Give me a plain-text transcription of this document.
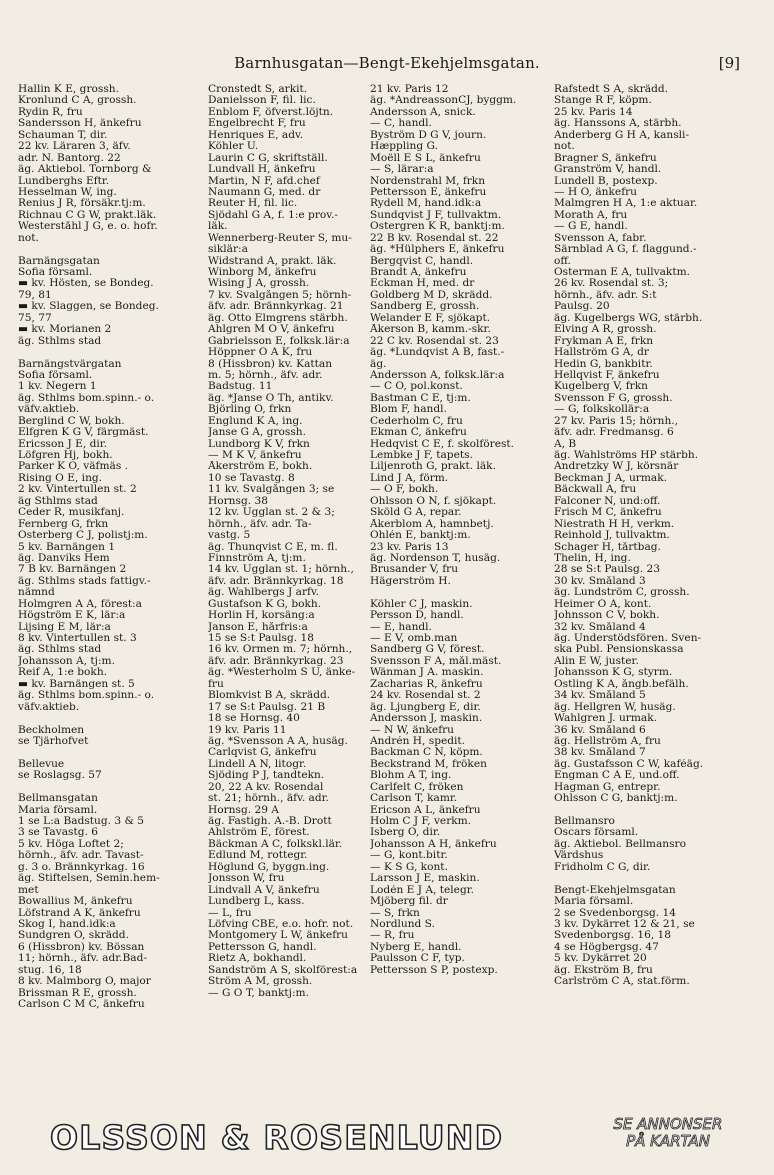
Barnhusgatan—Bengt-Ekehjelmsgatan.	[9]
Hallin K E, grossh.
Kronlund C A, grossh.
Rydin R, fru
Sandersson H, änkefru
Schauman T, dir.
22 kv. Läraren 3, äfv.
adr. N. Bantorg. 22
äg. Aktiebol. Tornborg &
Lundberghs Eftr.
Hesselman W, ing.
Renius J R, försäkr.tj:m.
Richnau C G W, prakt.läk.
Westerståhl J G, e. o. hofr.
not.
Barnängsgatan
Sofia församl.
▬ kv. Hösten, se Bondeg.
79, 81
▬ kv. Slaggen, se Bondeg.
75, 77
▬ kv. Morianen 2
äg. Sthlms stad
Barnängstvärgatan
Sofia församl.
1 kv. Negern 1
äg. Sthlms bom.spinn.- o.
väfv.aktieb.
Berglind C W, bokh.
Elfgren K G V, färgmäst.
Ericsson J E, dir.
Löfgren Hj, bokh.
Parker K O, väfmäs .
Rising O E, ing.
2 kv. Vintertullen st. 2
äg Sthlms stad
Ceder R, musikfanj.
Fernberg G, frkn
Österberg C J, polistj:m.
5 kv. Barnängen 1
äg. Danviks Hem
7 B kv. Barnängen 2
äg. Sthlms stads fattigv.-
nämnd
Holmgren A A, förest:a
Högström E K, lär:a
Lijsing E M, lär:a
8 kv. Vintertullen st. 3
äg. Sthlms stad
Johansson A, tj:m.
Reif A, 1:e bokh.
▬ kv. Barnängen st. 5
äg. Sthlms bom.spinn.- o.
väfv.aktieb.
Beckholmen
se Tjärhofvet
Bellevue
se Roslagsg. 57
Bellmansgatan
Maria församl.
1 se L:a Badstug. 3 & 5
3 se Tavastg. 6
5 kv. Höga Loftet 2;
hörnh., äfv. adr. Tavast-
g. 3 o. Brännkyrkag. 16
äg. Stiftelsen, Semin.hem-
met
Bowallius M, änkefru
Löfstrand A K, änkefru
Skog I, hand.idk:a
Sundgren O, skrädd.
6 (Hissbron) kv. Bössan
11; hörnh., äfv. adr.Bad-
stug. 16, 18
8 kv. Malmborg O, major
Brissman R E, grossh.
Carlson C M C, änkefru
Cronstedt S, arkit.
Danielsson F, fil. lic.
Enblom F, öfverst.löjtn.
Engelbrecht F, fru
Henriques E, adv.
Köhler U.
Laurin C G, skriftställ.
Lundvall H, änkefru
Martin, N F, afd.chef
Naumann G, med. dr
Reuter H, fil. lic.
Sjödahl G A, f. 1:e prov.-
läk.
Wennerberg-Reuter S, mu-
siklär:a
Widstrand A, prakt. läk.
Winborg M, änkefru
Wising J A, grossh.
7 kv. Svalgången 5; hörnh-
äfv. adr. Brännkyrkag. 21
äg. Otto Elmgrens stärbh.
Ahlgren M O V, änkefru
Gabrielsson E, folksk.lär:a
Höppner O A K, fru
8 (Hissbron) kv. Kattan
m. 5; hörnh., äfv. adr.
Badstug. 11
äg. *Janse O Th, antikv.
Björling O, frkn
Englund K A, ing.
Janse G A, grossh.
Lundborg K V, frkn
— M K V, änkefru
Åkerström E, bokh.
10 se Tavastg. 8
11 kv. Svalgången 3; se
Hornsg. 38
12 kv. Ugglan st. 2 & 3;
hörnh., äfv. adr. Ta-
vastg. 5
äg. Thunqvist C E, m. fl.
Finnström A, tj:m.
14 kv. Ugglan st. 1; hörnh.,
äfv. adr. Brännkyrkag. 18
äg. Wahlbergs J arfv.
Gustafson K G, bokh.
Horlin H, korsäng:a
Janson E, hårfris:a
15 se S:t Paulsg. 18
16 kv. Ormen m. 7; hörnh.,
äfv. adr. Brännkyrkag. 23
äg. *Westerholm S U, änke-
fru
Blomkvist B A, skrädd.
17 se S:t Paulsg. 21 B
18 se Hornsg. 40
19 kv. Paris 11
äg. *Svensson A A, husäg.
Carlqvist G, änkefru
Lindell A N, litogr.
Sjöding P J, tandtekn.
20, 22 A kv. Rosendal
st. 21; hörnh., äfv. adr.
Hornsg. 29 A
äg. Fastigh. A.-B. Drott
Ahlström E, förest.
Bäckman A C, folkskl.lär.
Edlund M, rottegr.
Höglund G, byggn.ing.
Jonsson W, fru
Lindvall A V, änkefru
Lundberg L, kass.
— L, fru
Löfving CBE, e.o. hofr. not.
Montgomery L W, änkefru
Pettersson G, handl.
Rietz A, bokhandl.
Sandström A S, skolförest:a
Ström A M, grossh.
— G O T, banktj:m.
21 kv. Paris 12
äg. *AndreassonCJ, byggm.
Andersson A, snick.
— C, handl.
Byström D G V, journ.
Hæppling G.
Moëll E S L, änkefru
— S, lärar:a
Nordenstrahl M, frkn
Pettersson E, änkefru
Rydell M, hand.idk:a
Sundqvist J F, tullvaktm.
Östergren K R, banktj:m.
22 B kv. Rosendal st. 22
äg. *Hülphers E, änkefru
Bergqvist C, handl.
Brandt A, änkefru
Eckman H, med. dr
Goldberg M D, skrädd.
Sandberg E, grossh.
Welander E F, sjökapt.
Åkerson B, kamm.-skr.
22 C kv. Rosendal st. 23
äg. *Lundqvist A B, fast.-
äg.
Andersson A, folksk.lär:a
— C O, pol.konst.
Bastman C E, tj:m.
Blom F, handl.
Cederholm C, fru
Ekman C, änkefru
Hedqvist C E, f. skolförest.
Lembke J F, tapets.
Liljenroth G, prakt. läk.
Lind J A, förm.
— O F, bokh.
Ohlsson O N, f. sjökapt.
Sköld G A, repar.
Åkerblom A, hamnbetj.
Öhlén E, banktj:m.
23 kv. Paris 13
äg. Nordenson T, husäg.
Brusander V, fru
Hägerström H.
Köhler C J, maskin.
Persson D, handl.
— E, handl.
— E V, omb.man
Sandberg G V, förest.
Svensson F A, mål.mäst.
Wänman J A. maskin.
Zacharias R, änkefru
24 kv. Rosendal st. 2
äg. Ljungberg E, dir.
Andersson J, maskin.
— N W, änkefru
Andrén H, spedit.
Backman C N, köpm.
Beckstrand M, fröken
Blohm A T, ing.
Carlfelt C, fröken
Carlson T, kamr.
Ericson A L, änkefru
Holm C J F, verkm.
Isberg O, dir.
Johansson A H, änkefru
— G, kont.bitr.
— K S G, kont.
Larsson J E, maskin.
Lodén E J A, telegr.
Mjöberg fil. dr
— S, frkn
Nordlund S.
— R, fru
Nyberg E, handl.
Paulsson C F, typ.
Pettersson S P, postexp.
Rafstedt S A, skrädd.
Stange R F, köpm.
25 kv. Paris 14
äg. Hanssons A, stärbh.
Anderberg G H A, kansli-
not.
Bragner S, änkefru
Granström V, handl.
Lundell B, postexp.
— H O, änkefru
Malmgren H A, 1:e aktuar.
Morath A, fru
— G E, handl.
Svensson A, fabr.
Särnblad A G, f. flaggund.-
off.
Österman E A, tullvaktm.
26 kv. Rosendal st. 3;
hörnh., äfv. adr. S:t
Paulsg. 20
äg. Kugelbergs WG, stärbh.
Elving A R, grossh.
Frykman A E, frkn
Hallström G A, dr
Hedin G, bankbitr.
Hellqvist F, änkefru
Kugelberg V, frkn
Svensson F G, grossh.
— G, folkskollär:a
27 kv. Paris 15; hörnh.,
äfv. adr. Fredmansg. 6
A, B
äg. Wahlströms HP stärbh.
Andretzky W J, körsnär
Beckman J A, urmak.
Bäckwall A, fru
Falconer N, und:off.
Frisch M C, änkefru
Niestrath H H, verkm.
Reinhold J, tullvaktm.
Schager H, tårtbag.
Thelin, H, ing.
28 se S:t Paulsg. 23
30 kv. Småland 3
äg. Lundström C, grossh.
Heimer O A, kont.
Johnsson C V, bokh.
32 kv. Småland 4
äg. Understödsfören. Sven-
ska Publ. Pensionskassa
Alin E W, juster.
Johansson K G, styrm.
Östling K A, ångb.befälh.
34 kv. Småland 5
äg. Hellgren W, husäg.
Wahlgren J. urmak.
36 kv. Småland 6
äg. Hellström A, fru
38 kv. Småland 7
äg. Gustafsson C W, kaféäg.
Engman C A E, und.off.
Hagman G, entrepr.
Ohlsson C G, banktj:m.
Bellmansro
Oscars församl.
äg. Aktiebol. Bellmansro
Värdshus
Fridholm C G, dir.
Bengt-Ekehjelmsgatan
Maria församl.
2 se Svedenborgsg. 14
3 kv. Dykärret 12 & 21, se
Svedenborgsg. 16, 18
4 se Högbergsg. 47
5 kv. Dykärret 20
äg. Ekström B, fru
Carlström C A, stat.förm.
OLSSON & ROSENLUND	SE ANNONSER
PÅ KARTAN
